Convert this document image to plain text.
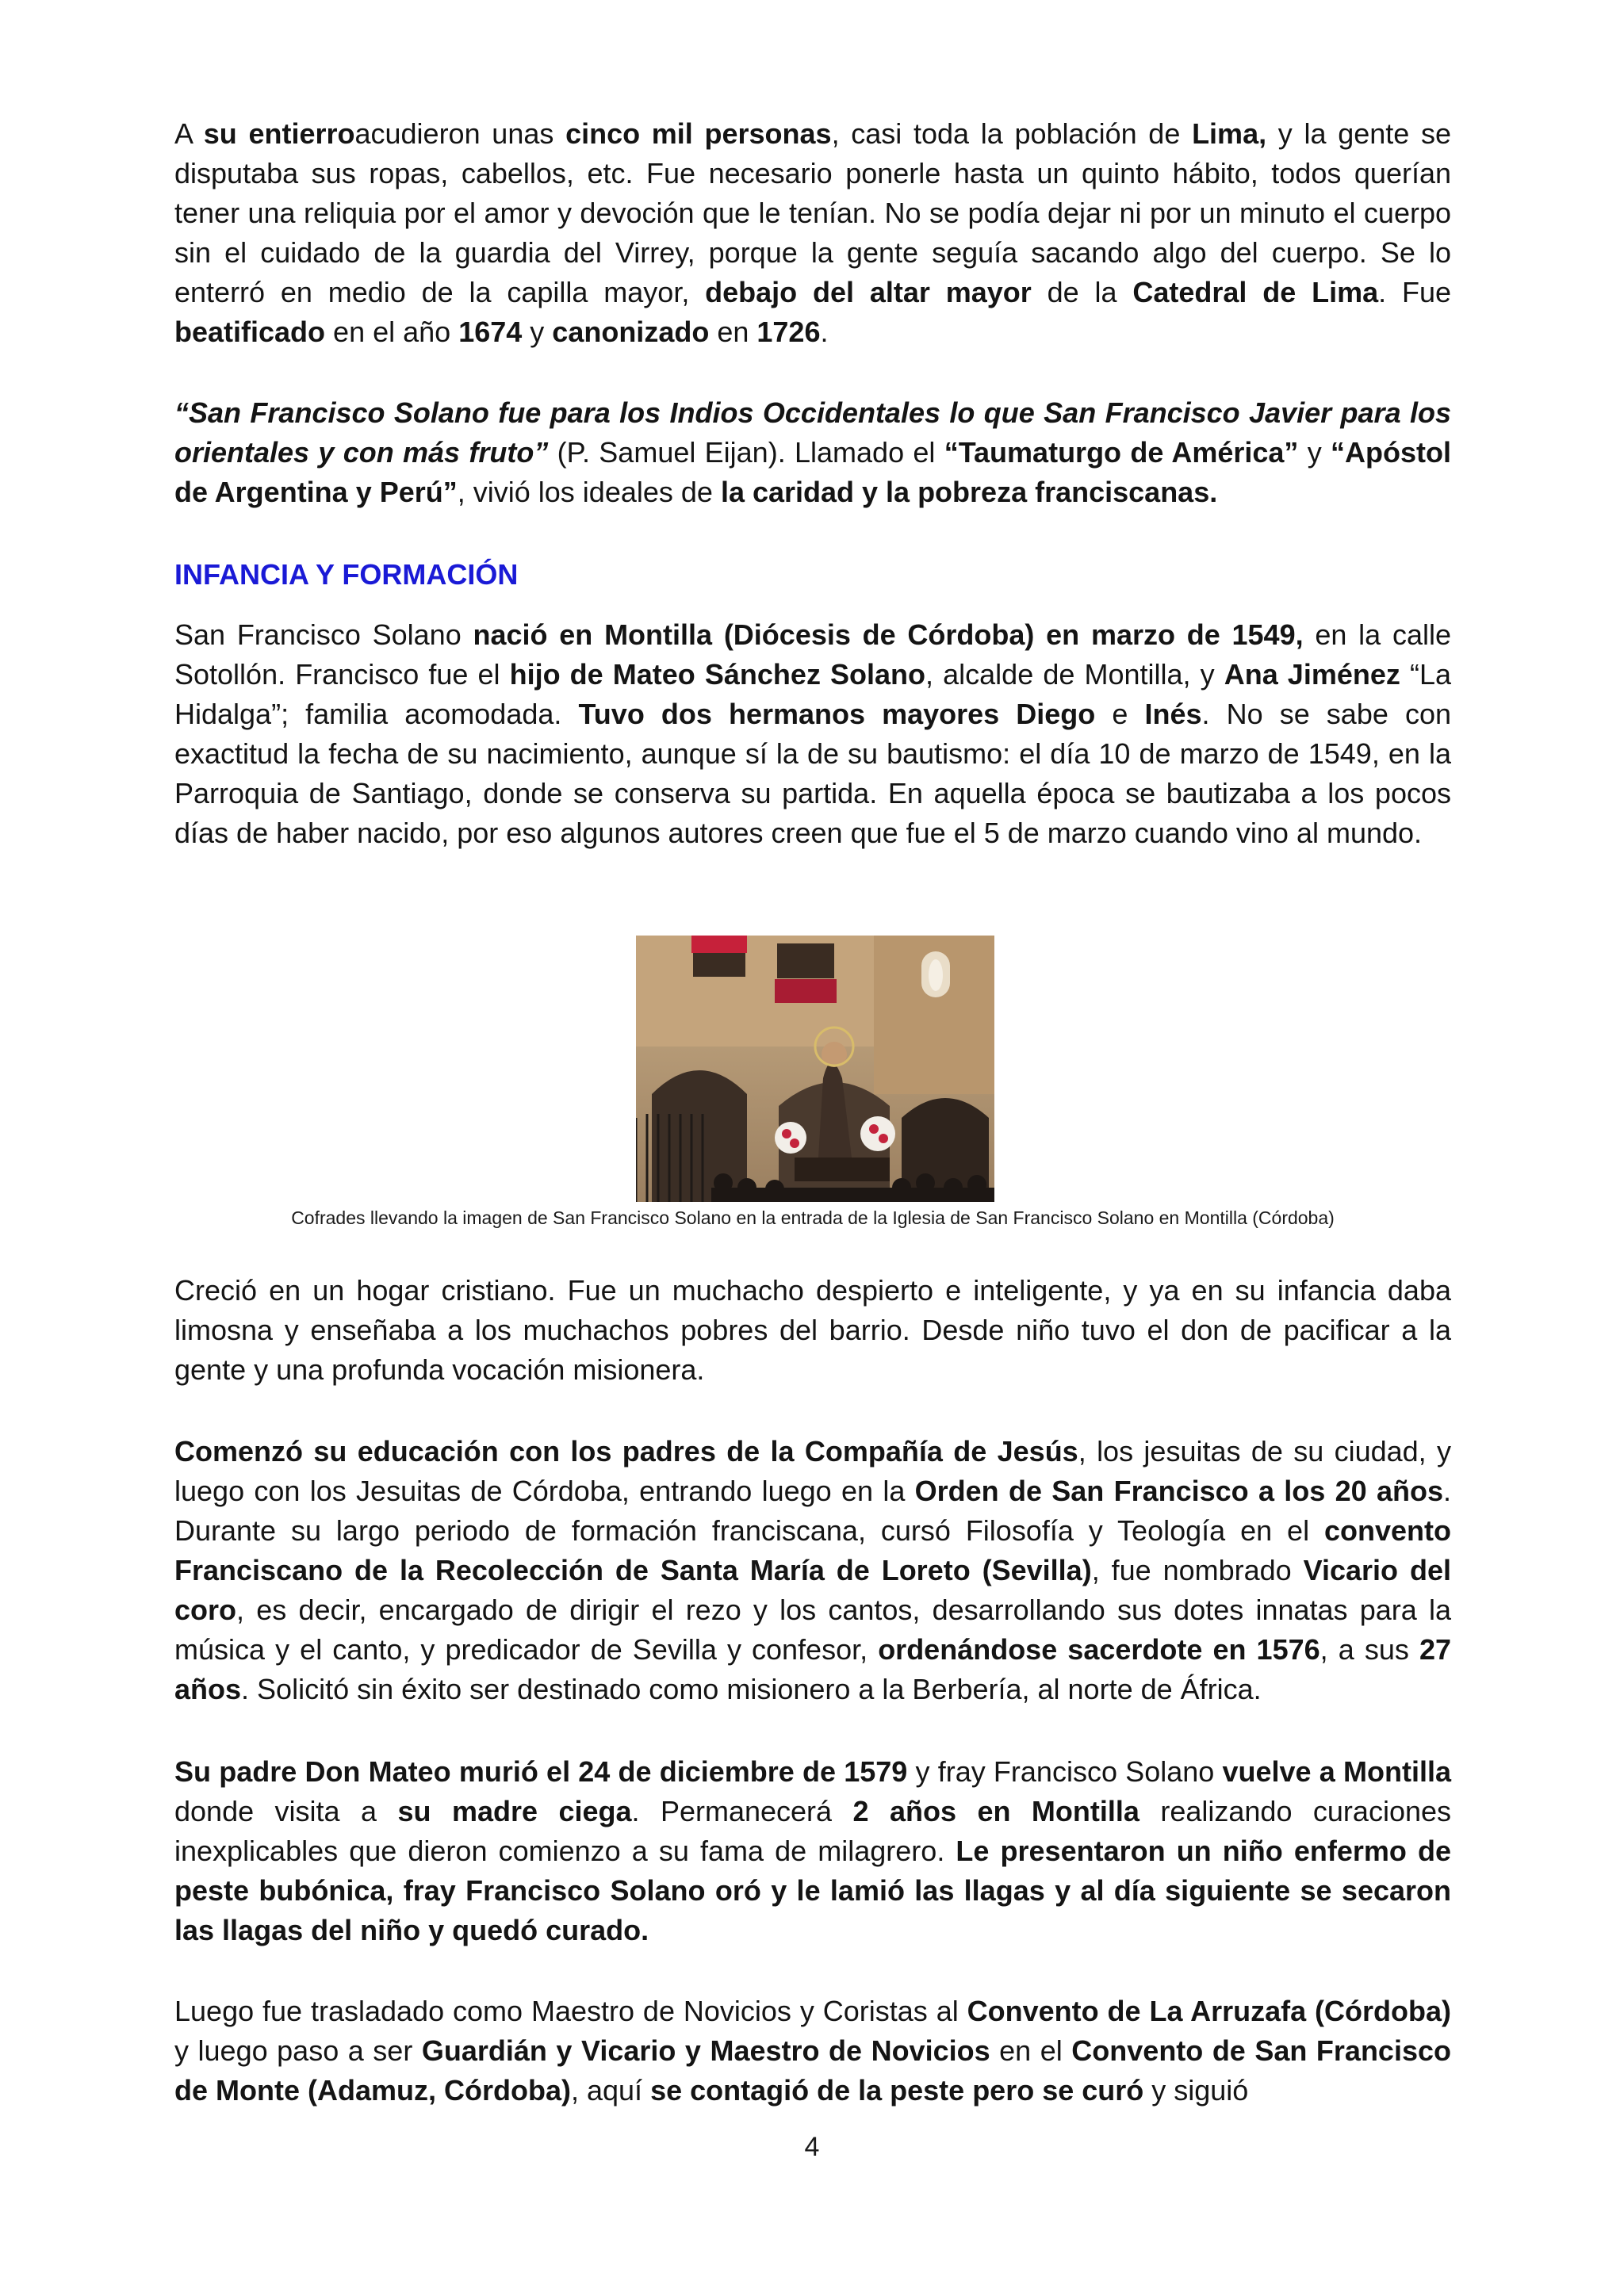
A su entierroacudieron unas cinco mil personas, casi toda la población de Lima, y la gente se disputaba sus ropas, cabellos, etc. Fue necesario ponerle hasta un quinto hábito, todos querían tener una reliquia por el amor y devoción que le tenían. No se podía dejar ni por un minuto el cuerpo sin el cuidado de la guardia del Virrey, porque la gente seguía sacando algo del cuerpo. Se lo enterró en medio de la capilla mayor, debajo del altar mayor de la Catedral de Lima. Fue beatificado en el año 1674 y canonizado en 1726.

“San Francisco Solano fue para los Indios Occidentales lo que San Francisco Javier para los orientales y con más fruto” (P. Samuel Eijan). Llamado el “Taumaturgo de América” y “Apóstol de Argentina y Perú”, vivió los ideales de la caridad y la pobreza franciscanas.

INFANCIA Y FORMACIÓN

San Francisco Solano nació en Montilla (Diócesis de Córdoba) en marzo de 1549, en la calle Sotollón. Francisco fue el hijo de Mateo Sánchez Solano, alcalde de Montilla, y Ana Jiménez “La Hidalga”; familia acomodada. Tuvo dos hermanos mayores Diego e Inés. No se sabe con exactitud la fecha de su nacimiento, aunque sí la de su bautismo: el día 10 de marzo de 1549, en la Parroquia de Santiago, donde se conserva su partida. En aquella época se bautizaba a los pocos días de haber nacido, por eso algunos autores creen que fue el 5 de marzo cuando vino al mundo.

Cofrades llevando la imagen de San Francisco Solano en la entrada de la Iglesia de San Francisco Solano en Montilla (Córdoba)

Creció en un hogar cristiano. Fue un muchacho despierto e inteligente, y ya en su infancia daba limosna y enseñaba a los muchachos pobres del barrio. Desde niño tuvo el don de pacificar a la gente y una profunda vocación misionera.

Comenzó su educación con los padres de la Compañía de Jesús, los jesuitas de su ciudad, y luego con los Jesuitas de Córdoba, entrando luego en la Orden de San Francisco a los 20 años. Durante su largo periodo de formación franciscana, cursó Filosofía y Teología en el convento Franciscano de la Recolección de Santa María de Loreto (Sevilla), fue nombrado Vicario del coro, es decir, encargado de dirigir el rezo y los cantos, desarrollando sus dotes innatas para la música y el canto, y predicador de Sevilla y confesor, ordenándose sacerdote en 1576, a sus 27 años. Solicitó sin éxito ser destinado como misionero a la Berbería, al norte de África.

Su padre Don Mateo murió el 24 de diciembre de 1579 y fray Francisco Solano vuelve a Montilla donde visita a su madre ciega. Permanecerá 2 años en Montilla realizando curaciones inexplicables que dieron comienzo a su fama de milagrero. Le presentaron un niño enfermo de peste bubónica, fray Francisco Solano oró y le lamió las llagas y al día siguiente se secaron las llagas del niño y quedó curado.

Luego fue trasladado como Maestro de Novicios y Coristas al Convento de La Arruzafa (Córdoba) y luego paso a ser Guardián y Vicario y Maestro de Novicios en el Convento de San Francisco de Monte (Adamuz, Córdoba), aquí se contagió de la peste pero se curó y siguió

4
